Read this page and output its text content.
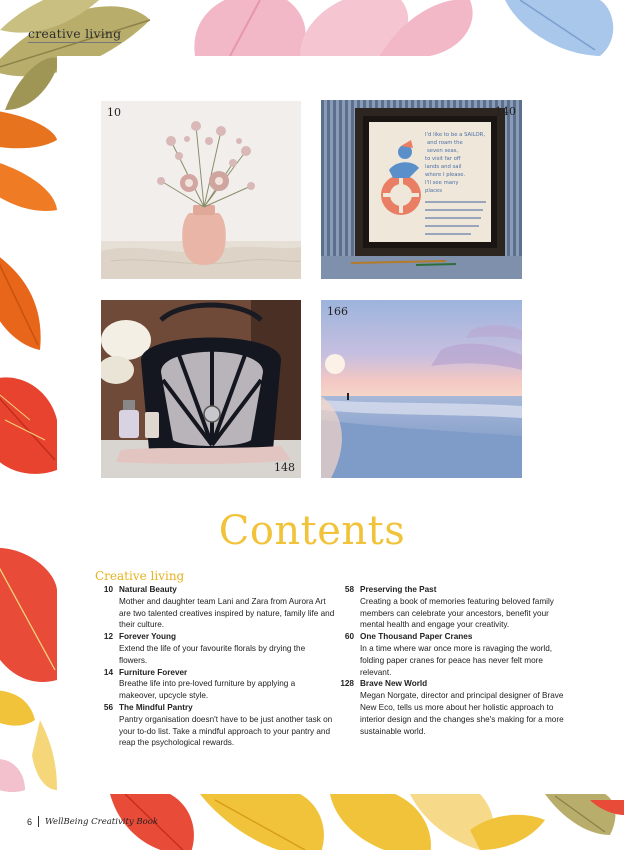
creative living
10
I'd like to be a SAILOR,
and roam the
seven seas,
to visit far off
lands and sail
where I please.
I'll see many
places
140
148
166
Contents
Creative living
10 Natural Beauty
Mother and daughter team Lani and Zara from Aurora Art are two talented creatives inspired by nature, family life and their culture.
12 Forever Young
Extend the life of your favourite florals by drying the flowers.
14 Furniture Forever
Breathe life into pre-loved furniture by applying a makeover, upcycle style.
56 The Mindful Pantry
Pantry organisation doesn't have to be just another task on your to-do list. Take a mindful approach to your pantry and reap the psychological rewards.
58 Preserving the Past
Creating a book of memories featuring beloved family members can celebrate your ancestors, benefit your mental health and engage your creativity.
60 One Thousand Paper Cranes
In a time where war once more is ravaging the world, folding paper cranes for peace has never felt more relevant.
128 Brave New World
Megan Norgate, director and principal designer of Brave New Eco, tells us more about her holistic approach to interior design and the changes she's making for a more sustainable world.
6 WellBeing Creativity Book
